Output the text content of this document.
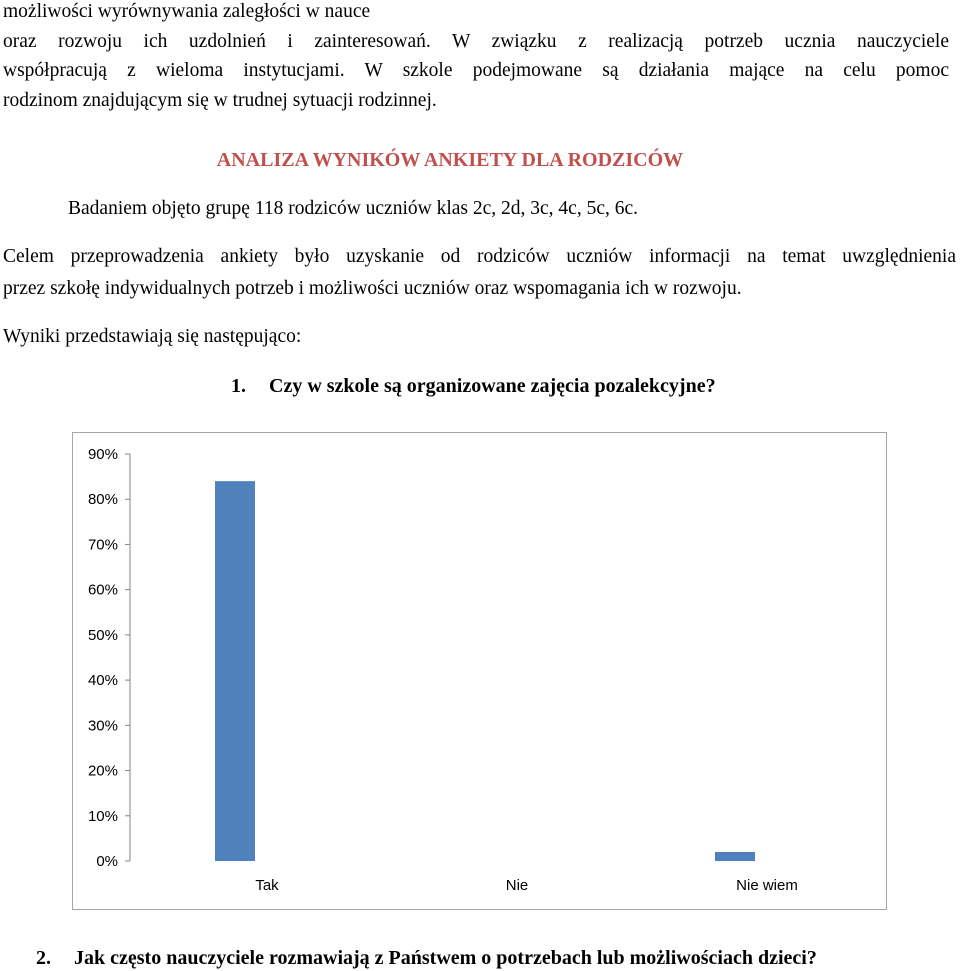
możliwości wyrównywania zaległości w nauce
oraz rozwoju ich uzdolnień i zainteresowań. W związku z realizacją potrzeb ucznia nauczyciele
współpracują z wieloma instytucjami. W szkole podejmowane są działania mające na celu pomoc
rodzinom znajdującym się w trudnej sytuacji rodzinnej.
ANALIZA WYNIKÓW ANKIETY DLA RODZICÓW
Badaniem objęto grupę 118 rodziców uczniów klas 2c, 2d, 3c, 4c, 5c, 6c.
Celem przeprowadzenia ankiety było uzyskanie od rodziców uczniów informacji na temat uwzględnienia
przez szkołę indywidualnych potrzeb i możliwości uczniów oraz wspomagania ich w rozwoju.
Wyniki przedstawiają się następująco:
1. Czy w szkole są organizowane zajęcia pozalekcyjne?
0%
10%
20%
30%
40%
50%
60%
70%
80%
90%
Tak	Nie	Nie wiem
2. Jak często nauczyciele rozmawiają z Państwem o potrzebach lub możliwościach dzieci?
